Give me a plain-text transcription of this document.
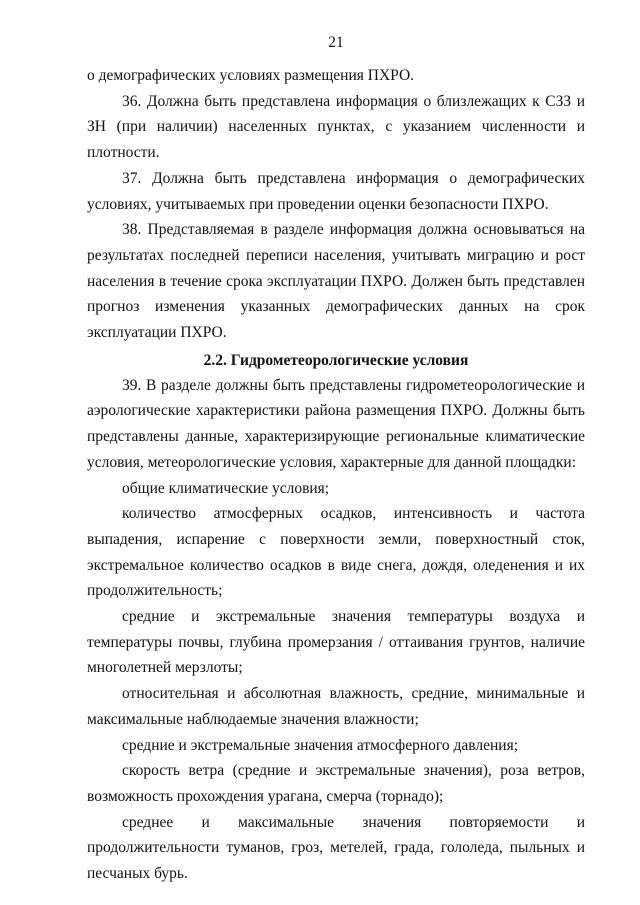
21

о демографических условиях размещения ПХРО.

36. Должна быть представлена информация о близлежащих к СЗЗ и ЗН (при наличии) населенных пунктах, с указанием численности и плотности.

37. Должна быть представлена информация о демографических условиях, учитываемых при проведении оценки безопасности ПХРО.

38. Представляемая в разделе информация должна основываться на результатах последней переписи населения, учитывать миграцию и рост населения в течение срока эксплуатации ПХРО. Должен быть представлен прогноз изменения указанных демографических данных на срок эксплуатации ПХРО.

2.2. Гидрометеорологические условия

39. В разделе должны быть представлены гидрометеорологические и аэрологические характеристики района размещения ПХРО. Должны быть представлены данные, характеризирующие региональные климатические условия, метеорологические условия, характерные для данной площадки:

общие климатические условия;

количество атмосферных осадков, интенсивность и частота выпадения, испарение с поверхности земли, поверхностный сток, экстремальное количество осадков в виде снега, дождя, оледенения и их продолжительность;

средние и экстремальные значения температуры воздуха и температуры почвы, глубина промерзания / оттаивания грунтов, наличие многолетней мерзлоты;

относительная и абсолютная влажность, средние, минимальные и максимальные наблюдаемые значения влажности;

средние и экстремальные значения атмосферного давления;

скорость ветра (средние и экстремальные значения), роза ветров, возможность прохождения урагана, смерча (торнадо);

среднее и максимальные значения повторяемости и продолжительности туманов, гроз, метелей, града, гололеда, пыльных и песчаных бурь.
